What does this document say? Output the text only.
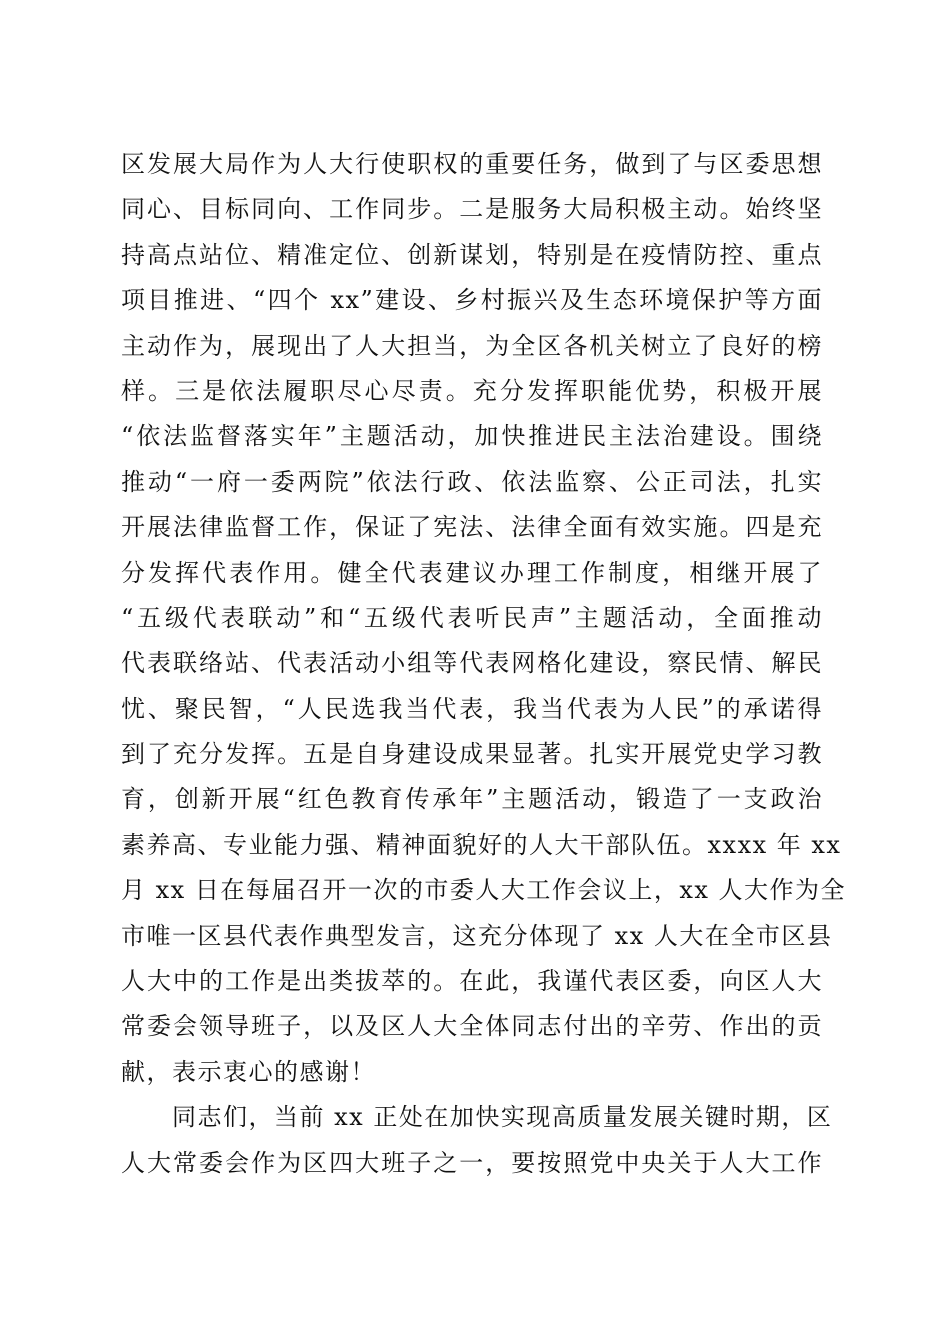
区发展大局作为人大行使职权的重要任务，做到了与区委思想
同心、目标同向、工作同步。二是服务大局积极主动。始终坚
持高点站位、精准定位、创新谋划，特别是在疫情防控、重点
项目推进、“四个 xx”建设、乡村振兴及生态环境保护等方面
主动作为，展现出了人大担当，为全区各机关树立了良好的榜
样。三是依法履职尽心尽责。充分发挥职能优势，积极开展
“依法监督落实年”主题活动，加快推进民主法治建设。围绕
推动“一府一委两院”依法行政、依法监察、公正司法，扎实
开展法律监督工作，保证了宪法、法律全面有效实施。四是充
分发挥代表作用。健全代表建议办理工作制度，相继开展了
“五级代表联动”和“五级代表听民声”主题活动，全面推动
代表联络站、代表活动小组等代表网格化建设，察民情、解民
忧、聚民智，“人民选我当代表，我当代表为人民”的承诺得
到了充分发挥。五是自身建设成果显著。扎实开展党史学习教
育，创新开展“红色教育传承年”主题活动，锻造了一支政治
素养高、专业能力强、精神面貌好的人大干部队伍。xxxx 年 xx
月 xx 日在每届召开一次的市委人大工作会议上，xx 人大作为全
市唯一区县代表作典型发言，这充分体现了 xx 人大在全市区县
人大中的工作是出类拔萃的。在此，我谨代表区委，向区人大
常委会领导班子，以及区人大全体同志付出的辛劳、作出的贡
献，表示衷心的感谢！
　　同志们，当前 xx 正处在加快实现高质量发展关键时期，区
人大常委会作为区四大班子之一，要按照党中央关于人大工作
